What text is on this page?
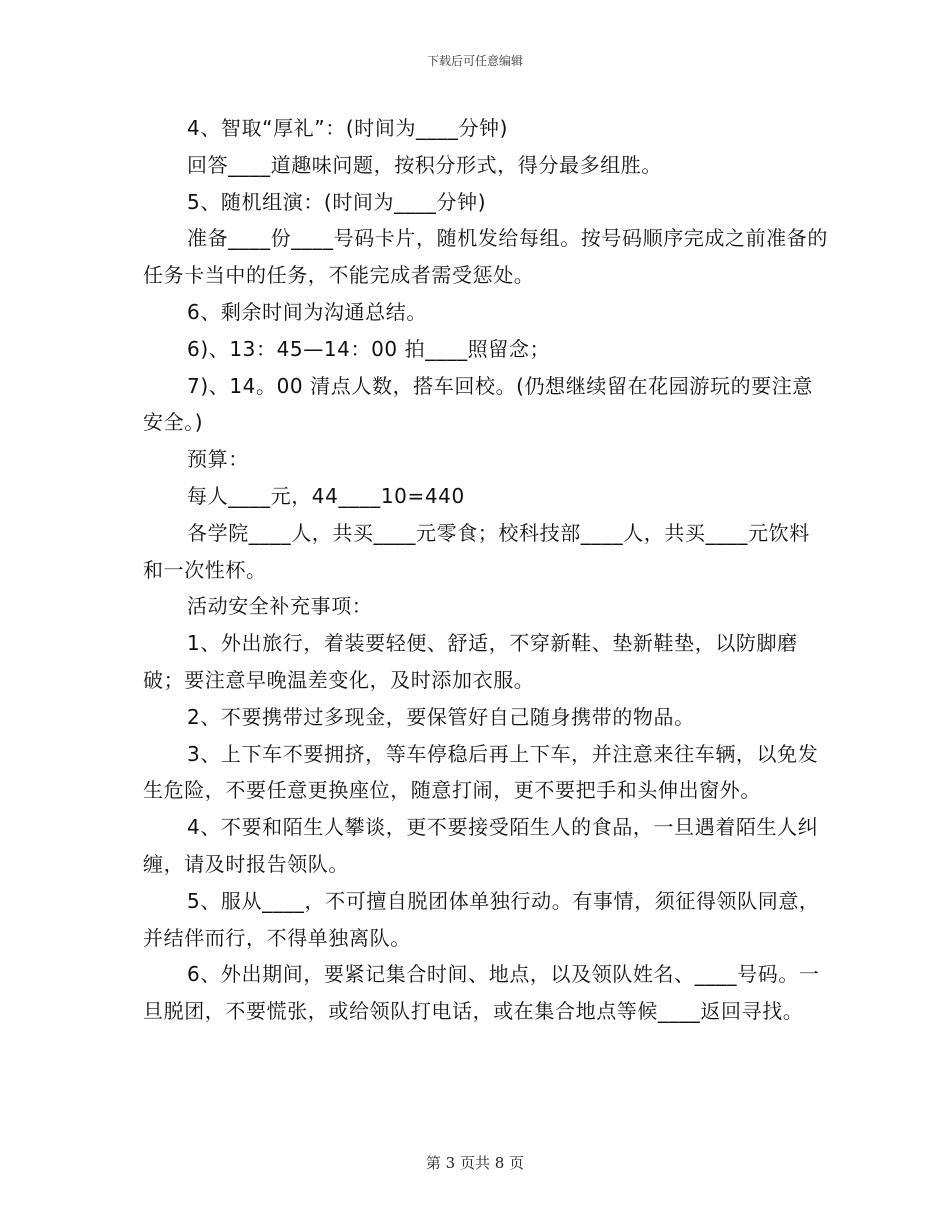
下载后可任意编辑

4、智取“厚礼”：(时间为____分钟)

回答____道趣味问题，按积分形式，得分最多组胜。

5、随机组演：(时间为____分钟)

准备____份____号码卡片，随机发给每组。按号码顺序完成之前准备的任务卡当中的任务，不能完成者需受惩处。

6、剩余时间为沟通总结。

6)、13：45—14：00 拍____照留念；

7)、14。00 清点人数，搭车回校。(仍想继续留在花园游玩的要注意安全。)

预算：

每人____元，44____10=440

各学院____人，共买____元零食；校科技部____人，共买____元饮料和一次性杯。

活动安全补充事项：

1、外出旅行，着装要轻便、舒适，不穿新鞋、垫新鞋垫，以防脚磨破；要注意早晚温差变化，及时添加衣服。

2、不要携带过多现金，要保管好自己随身携带的物品。

3、上下车不要拥挤，等车停稳后再上下车，并注意来往车辆，以免发生危险，不要任意更换座位，随意打闹，更不要把手和头伸出窗外。

4、不要和陌生人攀谈，更不要接受陌生人的食品，一旦遇着陌生人纠缠，请及时报告领队。

5、服从____，不可擅自脱团体单独行动。有事情，须征得领队同意，并结伴而行，不得单独离队。

6、外出期间，要紧记集合时间、地点，以及领队姓名、____号码。一旦脱团，不要慌张，或给领队打电话，或在集合地点等候____返回寻找。

第 3 页共 8 页
